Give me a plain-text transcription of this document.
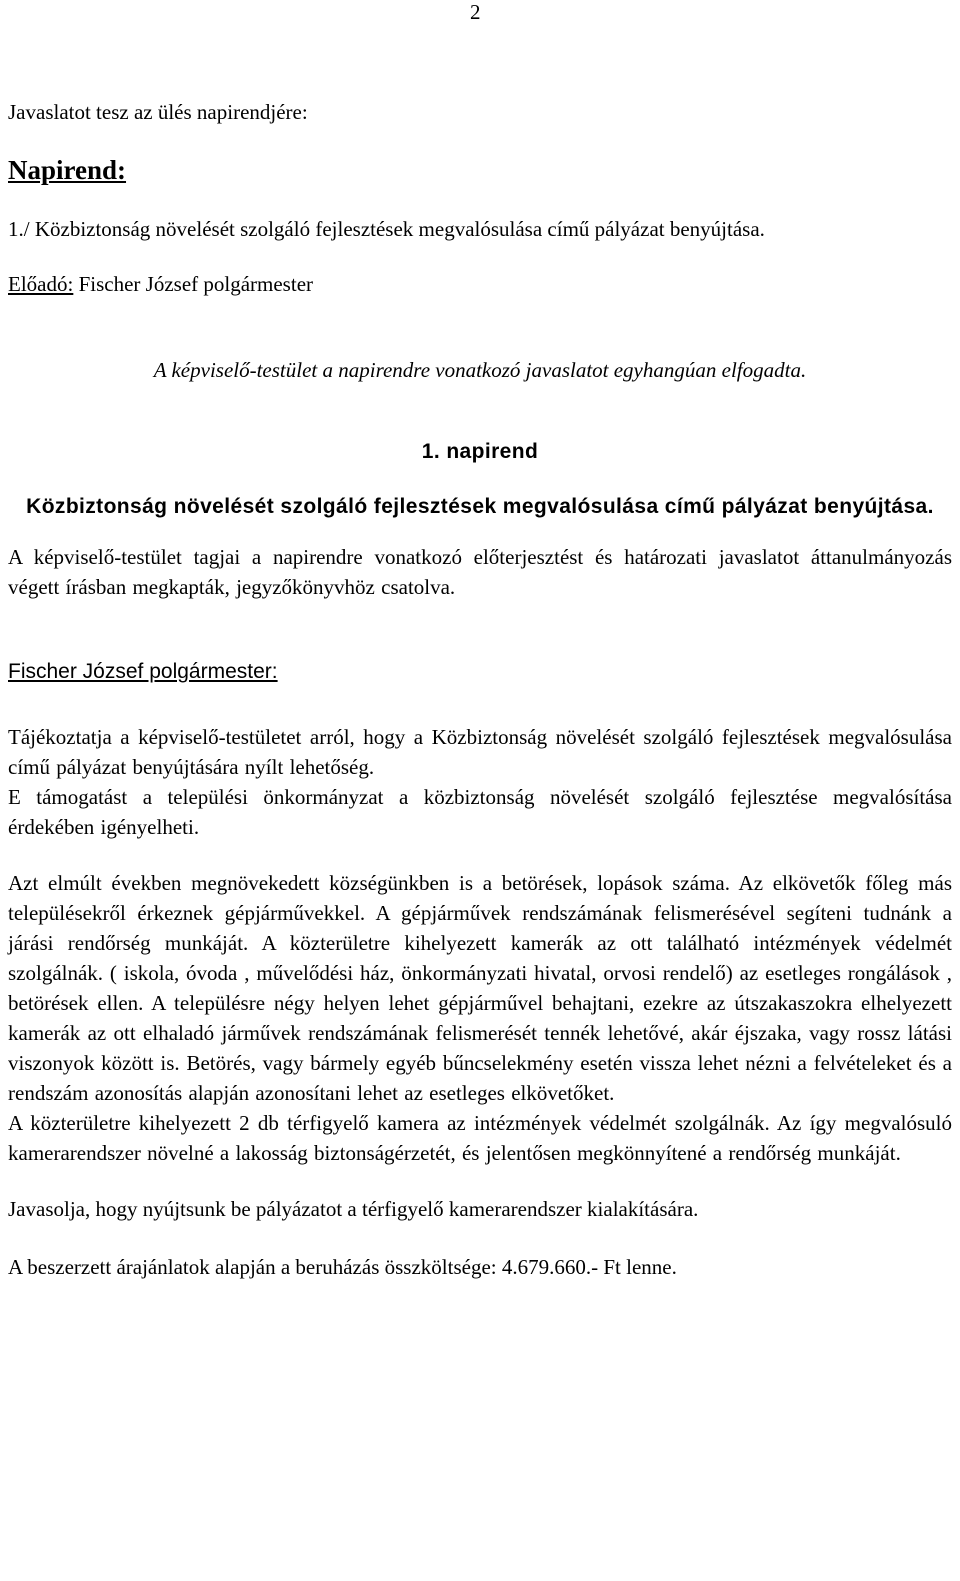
2

Javaslatot tesz az ülés napirendjére:

Napirend:

1./ Közbiztonság növelését szolgáló fejlesztések megvalósulása című pályázat benyújtása.

Előadó: Fischer József polgármester

A képviselő-testület a napirendre vonatkozó javaslatot egyhangúan elfogadta.

1. napirend

Közbiztonság növelését szolgáló fejlesztések megvalósulása című pályázat benyújtása.

A képviselő-testület tagjai a napirendre vonatkozó előterjesztést és határozati javaslatot áttanulmányozás végett írásban megkapták, jegyzőkönyvhöz csatolva.

Fischer József polgármester:

Tájékoztatja a képviselő-testületet arról, hogy a Közbiztonság növelését szolgáló fejlesztések megvalósulása című pályázat benyújtására nyílt lehetőség.

E támogatást a települési önkormányzat a közbiztonság növelését szolgáló fejlesztése megvalósítása érdekében igényelheti.

Azt elmúlt években megnövekedett községünkben is a betörések, lopások száma. Az elkövetők főleg más településekről érkeznek gépjárművekkel. A gépjárművek rendszámának felismerésével segíteni tudnánk a járási rendőrség munkáját. A közterületre kihelyezett kamerák az ott található intézmények védelmét szolgálnák. ( iskola, óvoda , művelődési ház, önkormányzati hivatal, orvosi rendelő) az esetleges rongálások , betörések ellen. A településre négy helyen lehet gépjárművel behajtani, ezekre az útszakaszokra elhelyezett kamerák az ott elhaladó járművek rendszámának felismerését tennék lehetővé, akár éjszaka, vagy rossz látási viszonyok között is. Betörés, vagy bármely egyéb bűncselekmény esetén vissza lehet nézni a felvételeket és a rendszám azonosítás alapján azonosítani lehet az esetleges elkövetőket.

A közterületre kihelyezett 2 db térfigyelő kamera az intézmények védelmét szolgálnák. Az így megvalósuló kamerarendszer növelné a lakosság biztonságérzetét, és jelentősen megkönnyítené a rendőrség munkáját.

Javasolja, hogy nyújtsunk be pályázatot a térfigyelő kamerarendszer kialakítására.

A beszerzett árajánlatok alapján a beruházás összköltsége: 4.679.660.- Ft lenne.
